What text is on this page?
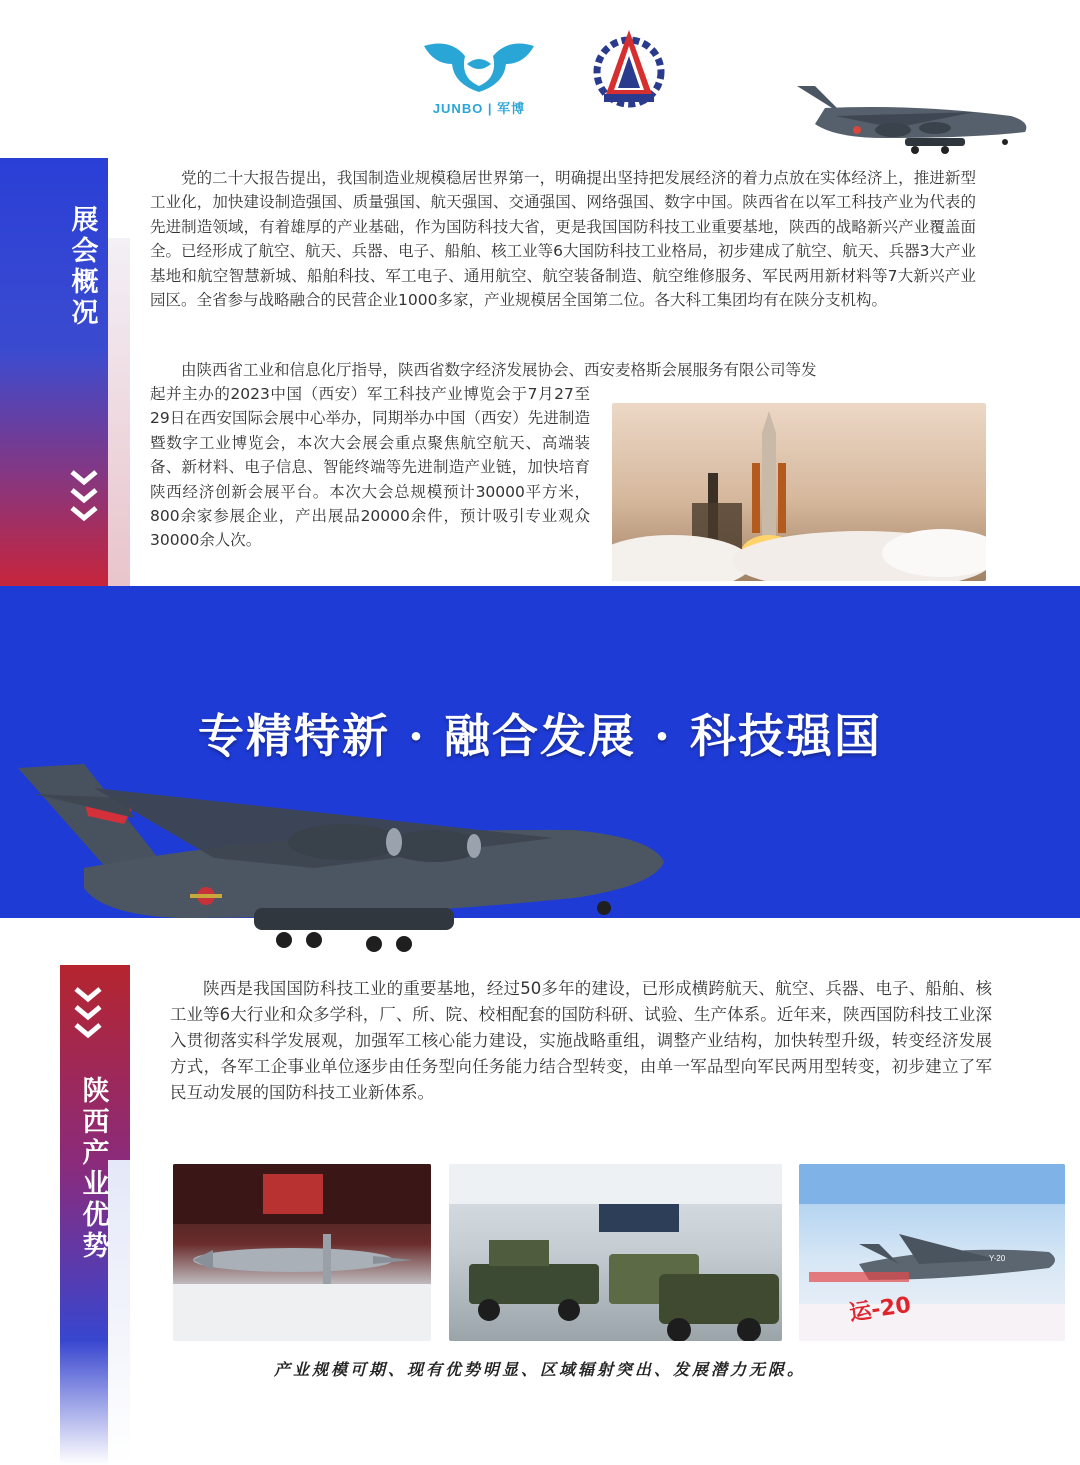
展
会
概
况
JUNBO | 军博

党的二十大报告提出，我国制造业规模稳居世界第一，明确提出坚持把发展经济的着力点放在实体经济上，推进新型工业化，加快建设制造强国、质量强国、航天强国、交通强国、网络强国、数字中国。陕西省在以军工科技产业为代表的先进制造领域，有着雄厚的产业基础，作为国防科技大省，更是我国国防科技工业重要基地，陕西的战略新兴产业覆盖面全。已经形成了航空、航天、兵器、电子、船舶、核工业等6大国防科技工业格局，初步建成了航空、航天、兵器3大产业基地和航空智慧新城、船舶科技、军工电子、通用航空、航空装备制造、航空维修服务、军民两用新材料等7大新兴产业园区。全省参与战略融合的民营企业1000多家，产业规模居全国第二位。各大科工集团均有在陕分支机构。

由陕西省工业和信息化厅指导，陕西省数字经济发展协会、西安麦格斯会展服务有限公司等发

起并主办的2023中国（西安）军工科技产业博览会于7月27至29日在西安国际会展中心举办，同期举办中国（西安）先进制造暨数字工业博览会，本次大会展会重点聚焦航空航天、高端装备、新材料、电子信息、智能终端等先进制造产业链，加快培育陕西经济创新会展平台。本次大会总规模预计30000平方米，800余家参展企业，产出展品20000余件，预计吸引专业观众30000余人次。
专精特新 · 融合发展 · 科技强国
陕
西
产
业
优
势

陕西是我国国防科技工业的重要基地，经过50多年的建设，已形成横跨航天、航空、兵器、电子、船舶、核工业等6大行业和众多学科，厂、所、院、校相配套的国防科研、试验、生产体系。近年来，陕西国防科技工业深入贯彻落实科学发展观，加强军工核心能力建设，实施战略重组，调整产业结构，加快转型升级，转变经济发展方式，各军工企事业单位逐步由任务型向任务能力结合型转变，由单一军品型向军民两用型转变，初步建立了军民互动发展的国防科技工业新体系。

Y-20
运-20
产业规模可期、现有优势明显、区域辐射突出、发展潜力无限。
